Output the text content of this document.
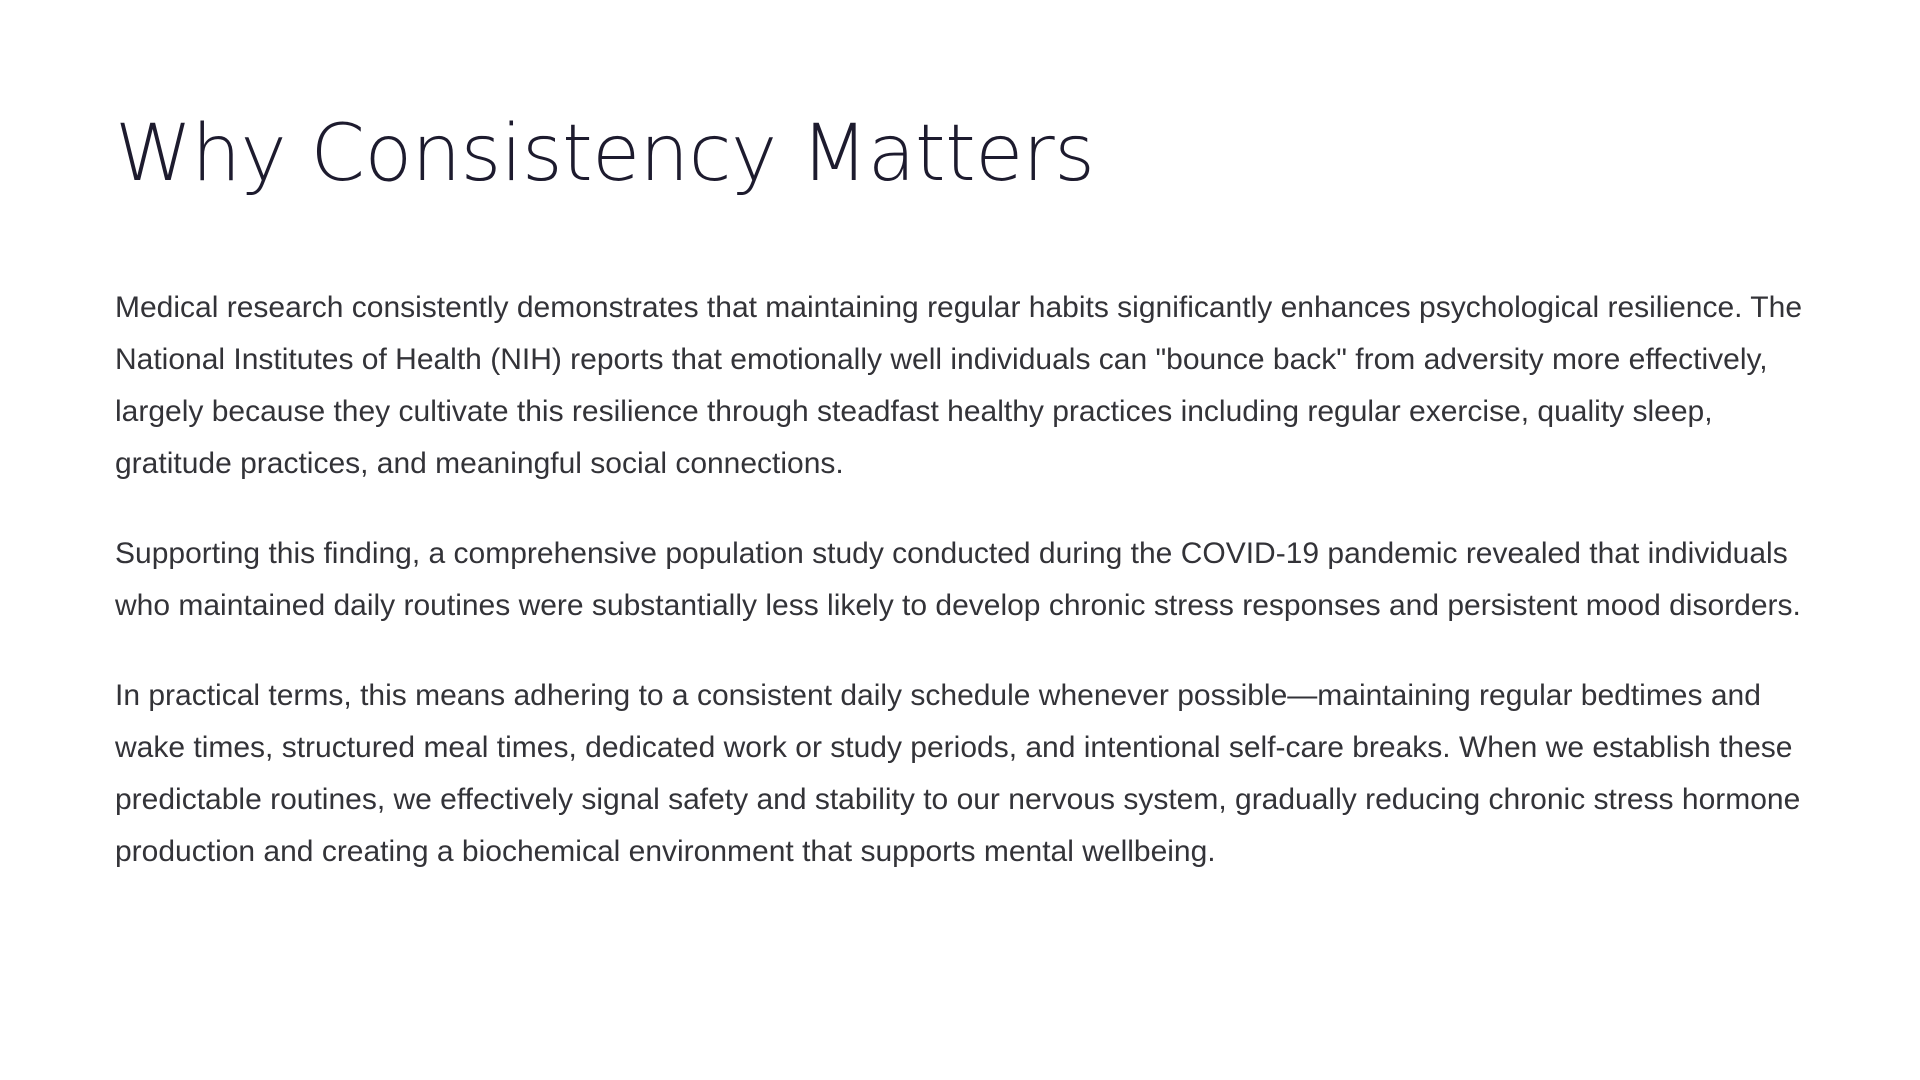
Why Consistency Matters

Medical research consistently demonstrates that maintaining regular habits significantly enhances psychological resilience. The National Institutes of Health (NIH) reports that emotionally well individuals can "bounce back" from adversity more effectively, largely because they cultivate this resilience through steadfast healthy practices including regular exercise, quality sleep, gratitude practices, and meaningful social connections.

Supporting this finding, a comprehensive population study conducted during the COVID-19 pandemic revealed that individuals who maintained daily routines were substantially less likely to develop chronic stress responses and persistent mood disorders.

In practical terms, this means adhering to a consistent daily schedule whenever possible—maintaining regular bedtimes and wake times, structured meal times, dedicated work or study periods, and intentional self-care breaks. When we establish these predictable routines, we effectively signal safety and stability to our nervous system, gradually reducing chronic stress hormone production and creating a biochemical environment that supports mental wellbeing.
